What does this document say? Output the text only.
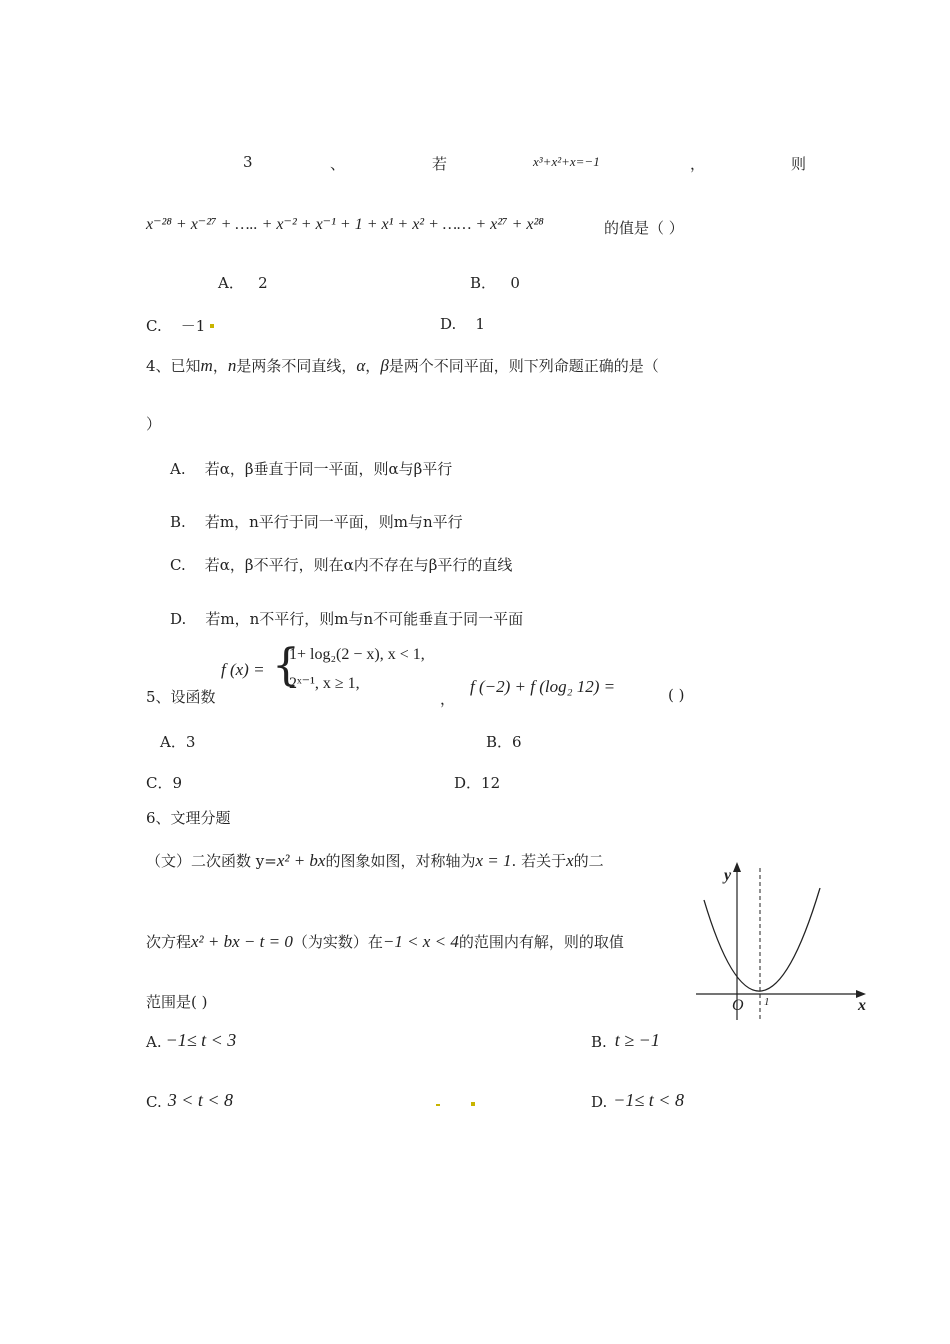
3	、	若	x³+x²+x=−1	，	则
x⁻²⁸ + x⁻²⁷ + ….. + x⁻² + x⁻¹ + 1 + x¹ + x² + …… + x²⁷ + x²⁸	的值是（ ）
A． 2	B． 0
C. －1	D. 1
4、已知m，n是两条不同直线，α，β是两个不同平面，则下列命题正确的是（
）
A. 若α，β垂直于同一平面，则α与β平行
B. 若m，n平行于同一平面，则m与n平行
C. 若α，β不平行，则在α内不存在与β平行的直线
D. 若m，n不平行，则m与n不可能垂直于同一平面
5、设函数
f (x) = {
1+ log₂(2 − x), x < 1,
2ˣ⁻¹, x ≥ 1,
，
f (−2) + f (log₂ 12) =	( )
A．3	B．6
C．9	D．12
6、文理分题
（文）二次函数 y=x² + bx的图象如图，对称轴为x = 1. 若关于x的二
次方程x² + bx − t = 0（为实数）在−1 < x < 4的范围内有解，则的取值
范围是( )
y
x
O 1
A. −1≤ t < 3	B. t ≥ −1
C. 3 < t < 8	D. −1≤ t < 8
